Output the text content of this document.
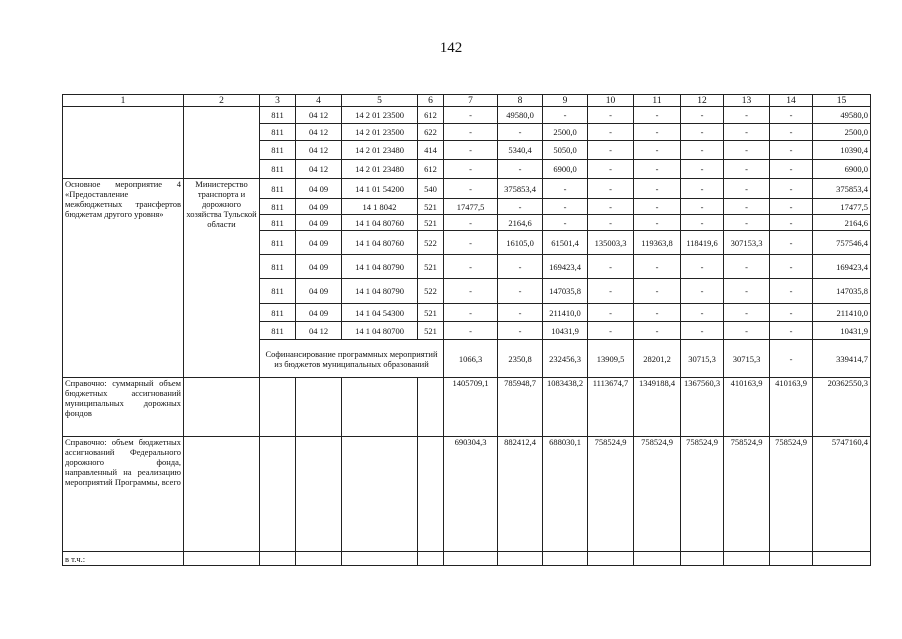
142
1	2	3	4	5	6	7	8	9	10	11	12	13	14	15
		811	04 12	14 2 01 23500	612	-	49580,0	-	-	-	-	-	-	49580,0
		811	04 12	14 2 01 23500	622	-	-	2500,0	-	-	-	-	-	2500,0
		811	04 12	14 2 01 23480	414	-	5340,4	5050,0	-	-	-	-	-	10390,4
		811	04 12	14 2 01 23480	612	-	-	6900,0	-	-	-	-	-	6900,0
Основное мероприятие 4 «Предоставление межбюджетных трансфертов бюджетам другого уровня»	Министерство транспорта и дорожного хозяйства Тульской области	811	04 09	14 1 01 54200	540	-	375853,4	-	-	-	-	-	-	375853,4
		811	04 09	14 1 8042	521	17477,5	-	-	-	-	-	-	-	17477,5
		811	04 09	14 1 04 80760	521	-	2164,6	-	-	-	-	-	-	2164,6
		811	04 09	14 1 04 80760	522	-	16105,0	61501,4	135003,3	119363,8	118419,6	307153,3	-	757546,4
		811	04 09	14 1 04 80790	521	-	-	169423,4	-	-	-	-	-	169423,4
		811	04 09	14 1 04 80790	522	-	-	147035,8	-	-	-	-	-	147035,8
		811	04 09	14 1 04 54300	521	-	-	211410,0	-	-	-	-	-	211410,0
		811	04 12	14 1 04 80700	521	-	-	10431,9	-	-	-	-	-	10431,9
		Софинансирование программных мероприятий из бюджетов муниципальных образований				1066,3	2350,8	232456,3	13909,5	28201,2	30715,3	30715,3	-	339414,7
Справочно: суммарный объем бюджетных ассигнований муниципальных дорожных фондов						1405709,1	785948,7	1083438,2	1113674,7	1349188,4	1367560,3	410163,9	410163,9	20362550,3
Справочно: объем бюджетных ассигнований Федерального дорожного фонда, направленный на реализацию мероприятий Программы, всего						690304,3	882412,4	688030,1	758524,9	758524,9	758524,9	758524,9	758524,9	5747160,4
в т.ч.:														
